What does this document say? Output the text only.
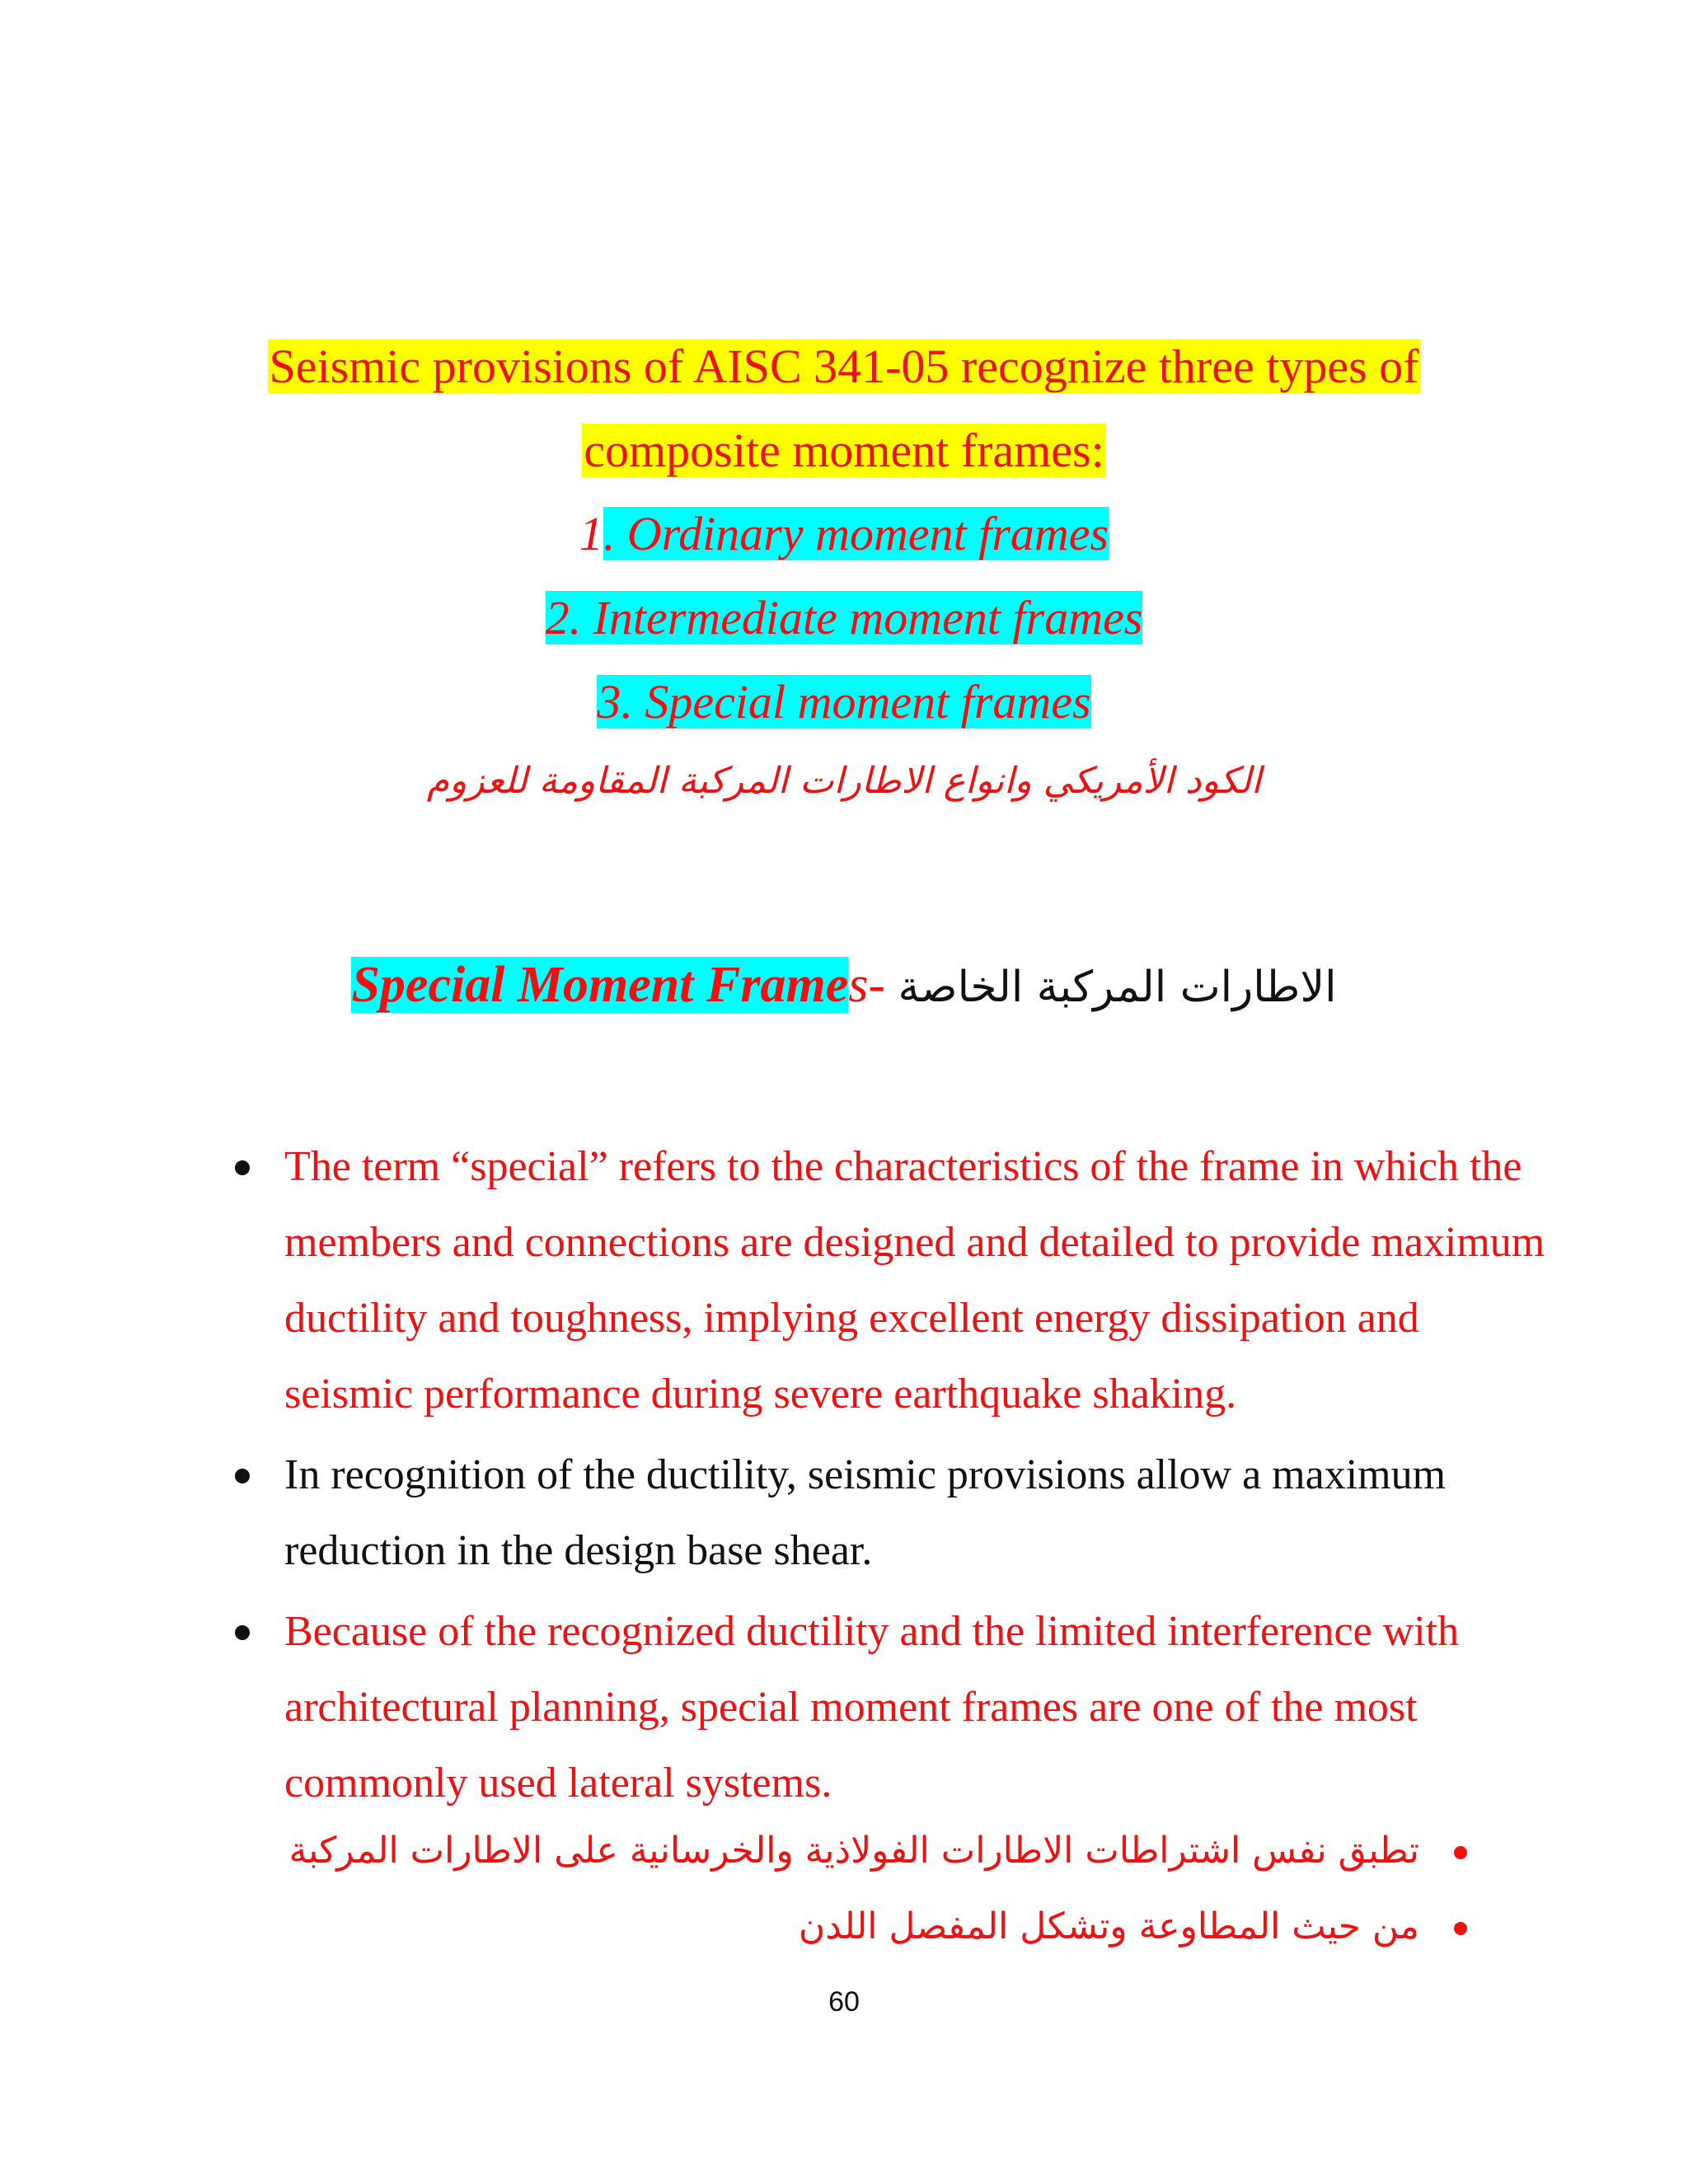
Seismic provisions of AISC 341-05 recognize three types of
composite moment frames:
1. Ordinary moment frames
2. Intermediate moment frames
3. Special moment frames
الكود الأمريكي وانواع الاطارات المركبة المقاومة للعزوم
Special Moment Frames- الاطارات المركبة الخاصة
The term “special” refers to the characteristics of the frame in which the
members and connections are designed and detailed to provide maximum
ductility and toughness, implying excellent energy dissipation and
seismic performance during severe earthquake shaking.
In recognition of the ductility, seismic provisions allow a maximum
reduction in the design base shear.
Because of the recognized ductility and the limited interference with
architectural planning, special moment frames are one of the most
commonly used lateral systems.
تطبق نفس اشتراطات الاطارات الفولاذية والخرسانية على الاطارات المركبة
من حيث المطاوعة وتشكل المفصل اللدن
60
